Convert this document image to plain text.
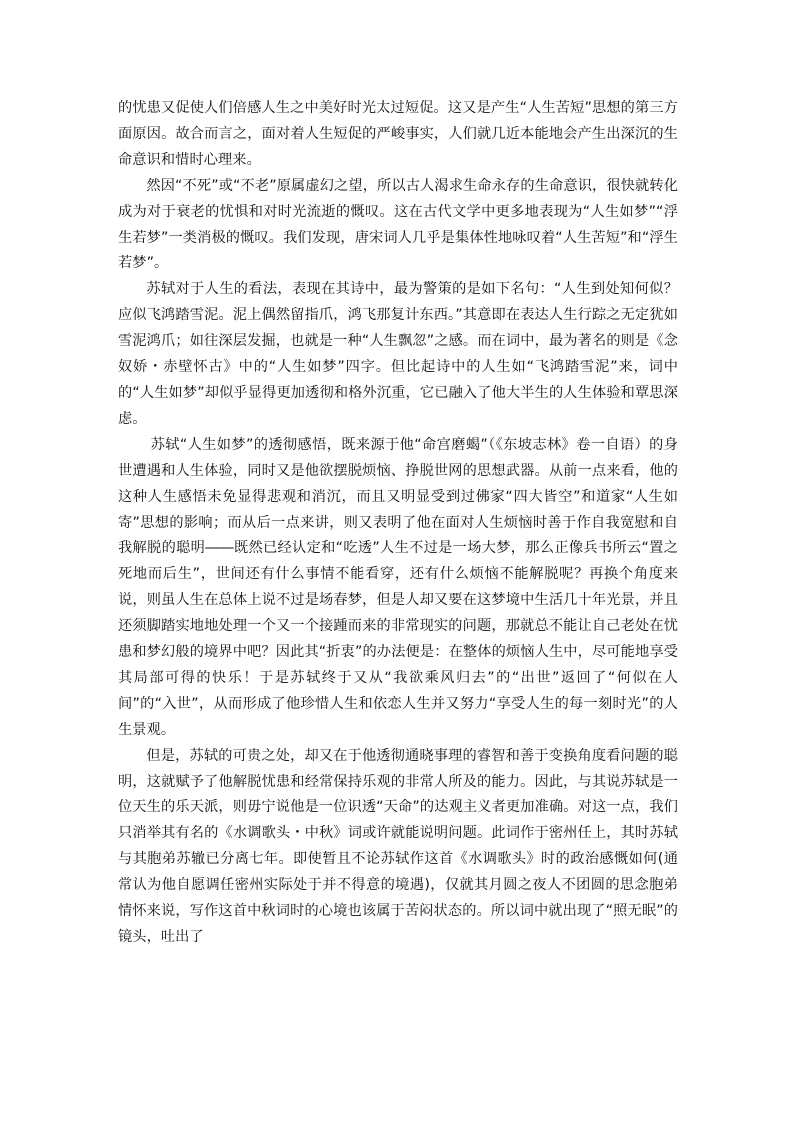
的忧患又促使人们倍感人生之中美好时光太过短促。这又是产生“人生苦短”思想的第三方面原因。故合而言之，面对着人生短促的严峻事实，人们就几近本能地会产生出深沉的生命意识和惜时心理来。

然因“不死”或“不老”原属虚幻之望，所以古人渴求生命永存的生命意识，很快就转化成为对于衰老的忧惧和对时光流逝的慨叹。这在古代文学中更多地表现为“人生如梦”“浮生若梦”一类消极的慨叹。我们发现，唐宋词人几乎是集体性地咏叹着“人生苦短”和“浮生若梦”。

苏轼对于人生的看法，表现在其诗中，最为警策的是如下名句：“人生到处知何似？应似飞鸿踏雪泥。泥上偶然留指爪，鸿飞那复计东西。”其意即在表达人生行踪之无定犹如雪泥鸿爪；如往深层发掘，也就是一种“人生飘忽”之感。而在词中，最为著名的则是《念奴娇・赤壁怀古》中的“人生如梦”四字。但比起诗中的人生如“飞鸿踏雪泥”来，词中的“人生如梦”却似乎显得更加透彻和格外沉重，它已融入了他大半生的人生体验和覃思深虑。

苏轼“人生如梦”的透彻感悟，既来源于他“命宫磨蝎”（《东坡志林》卷一自语）的身世遭遇和人生体验，同时又是他欲摆脱烦恼、挣脱世网的思想武器。从前一点来看，他的这种人生感悟未免显得悲观和消沉，而且又明显受到过佛家“四大皆空”和道家“人生如寄”思想的影响；而从后一点来讲，则又表明了他在面对人生烦恼时善于作自我宽慰和自我解脱的聪明――既然已经认定和“吃透”人生不过是一场大梦，那么正像兵书所云“置之死地而后生”，世间还有什么事情不能看穿，还有什么烦恼不能解脱呢？再换个角度来说，则虽人生在总体上说不过是场春梦，但是人却又要在这梦境中生活几十年光景，并且还须脚踏实地地处理一个又一个接踵而来的非常现实的问题，那就总不能让自己老处在忧患和梦幻般的境界中吧？因此其“折衷”的办法便是：在整体的烦恼人生中，尽可能地享受其局部可得的快乐！于是苏轼终于又从“我欲乘风归去”的“出世”返回了“何似在人间”的“入世”，从而形成了他珍惜人生和依恋人生并又努力“享受人生的每一刻时光”的人生景观。

但是，苏轼的可贵之处，却又在于他透彻通晓事理的睿智和善于变换角度看问题的聪明，这就赋予了他解脱忧患和经常保持乐观的非常人所及的能力。因此，与其说苏轼是一位天生的乐天派，则毋宁说他是一位识透“天命”的达观主义者更加准确。对这一点，我们只消举其有名的《水调歌头・中秋》词或许就能说明问题。此词作于密州任上，其时苏轼与其胞弟苏辙已分离七年。即使暂且不论苏轼作这首《水调歌头》时的政治感慨如何(通常认为他自愿调任密州实际处于并不得意的境遇)，仅就其月圆之夜人不团圆的思念胞弟情怀来说，写作这首中秋词时的心境也该属于苦闷状态的。所以词中就出现了“照无眠”的镜头，吐出了
